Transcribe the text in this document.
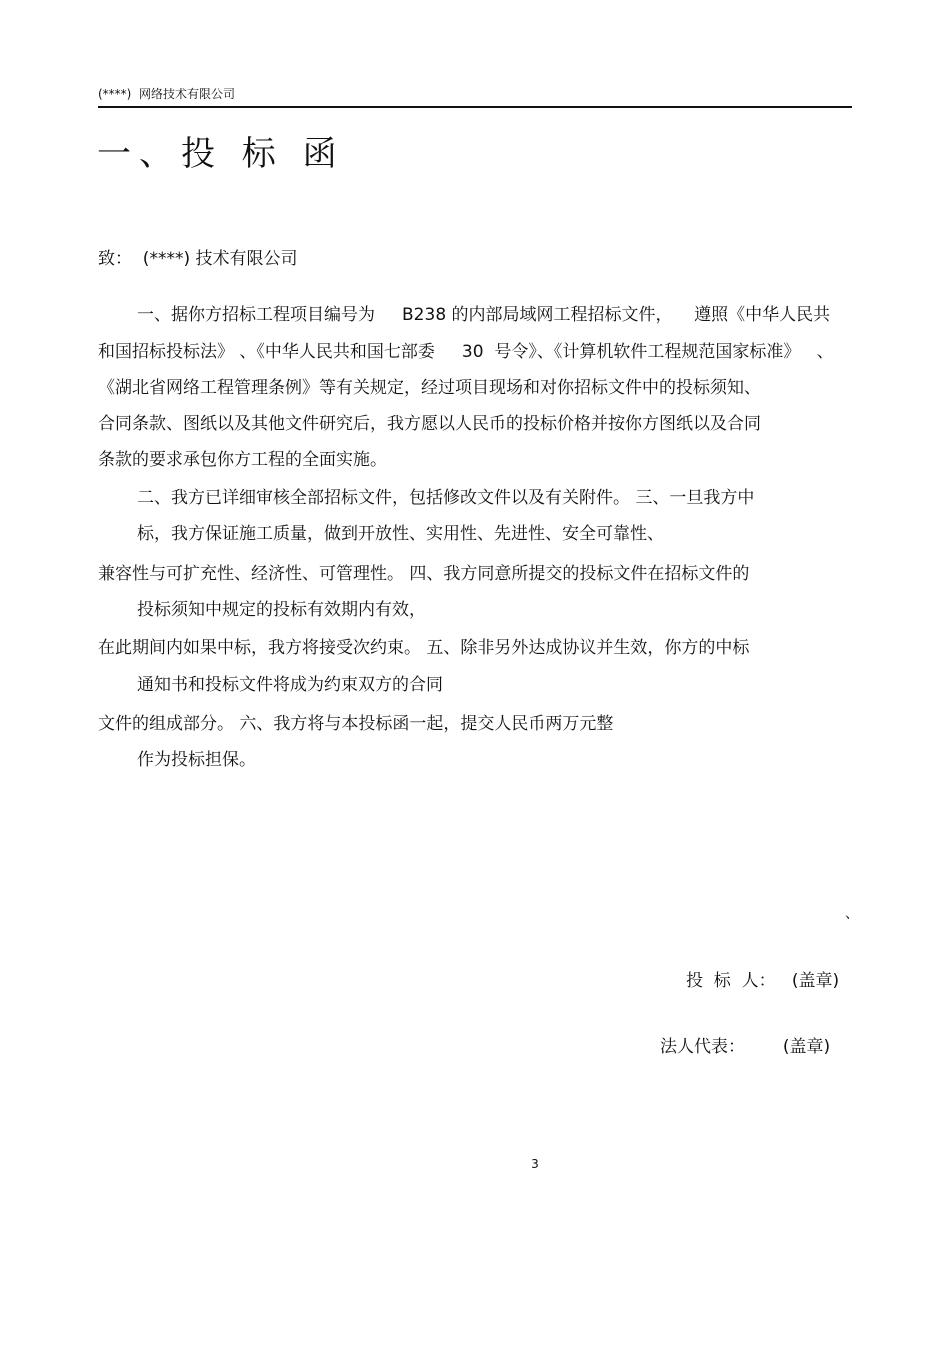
(****)  网络技术有限公司
一、投 标 函
致：  (****) 技术有限公司
一、据你方招标工程项目编号为     B238 的内部局域网工程招标文件，    遵照《中华人民共
和国招标投标法》 、《中华人民共和国七部委     30  号令》、《计算机软件工程规范国家标准》   、
《湖北省网络工程管理条例》等有关规定，经过项目现场和对你招标文件中的投标须知、
合同条款、图纸以及其他文件研究后，我方愿以人民币的投标价格并按你方图纸以及合同
条款的要求承包你方工程的全面实施。
二、我方已详细审核全部招标文件，包括修改文件以及有关附件。 三、一旦我方中
标，我方保证施工质量，做到开放性、实用性、先进性、安全可靠性、
兼容性与可扩充性、经济性、可管理性。 四、我方同意所提交的投标文件在招标文件的
投标须知中规定的投标有效期内有效，
在此期间内如果中标，我方将接受次约束。 五、除非另外达成协议并生效，你方的中标
通知书和投标文件将成为约束双方的合同
文件的组成部分。 六、我方将与本投标函一起，提交人民币两万元整
作为投标担保。
、
投  标  人：   (盖章)
法人代表：       (盖章)
3
